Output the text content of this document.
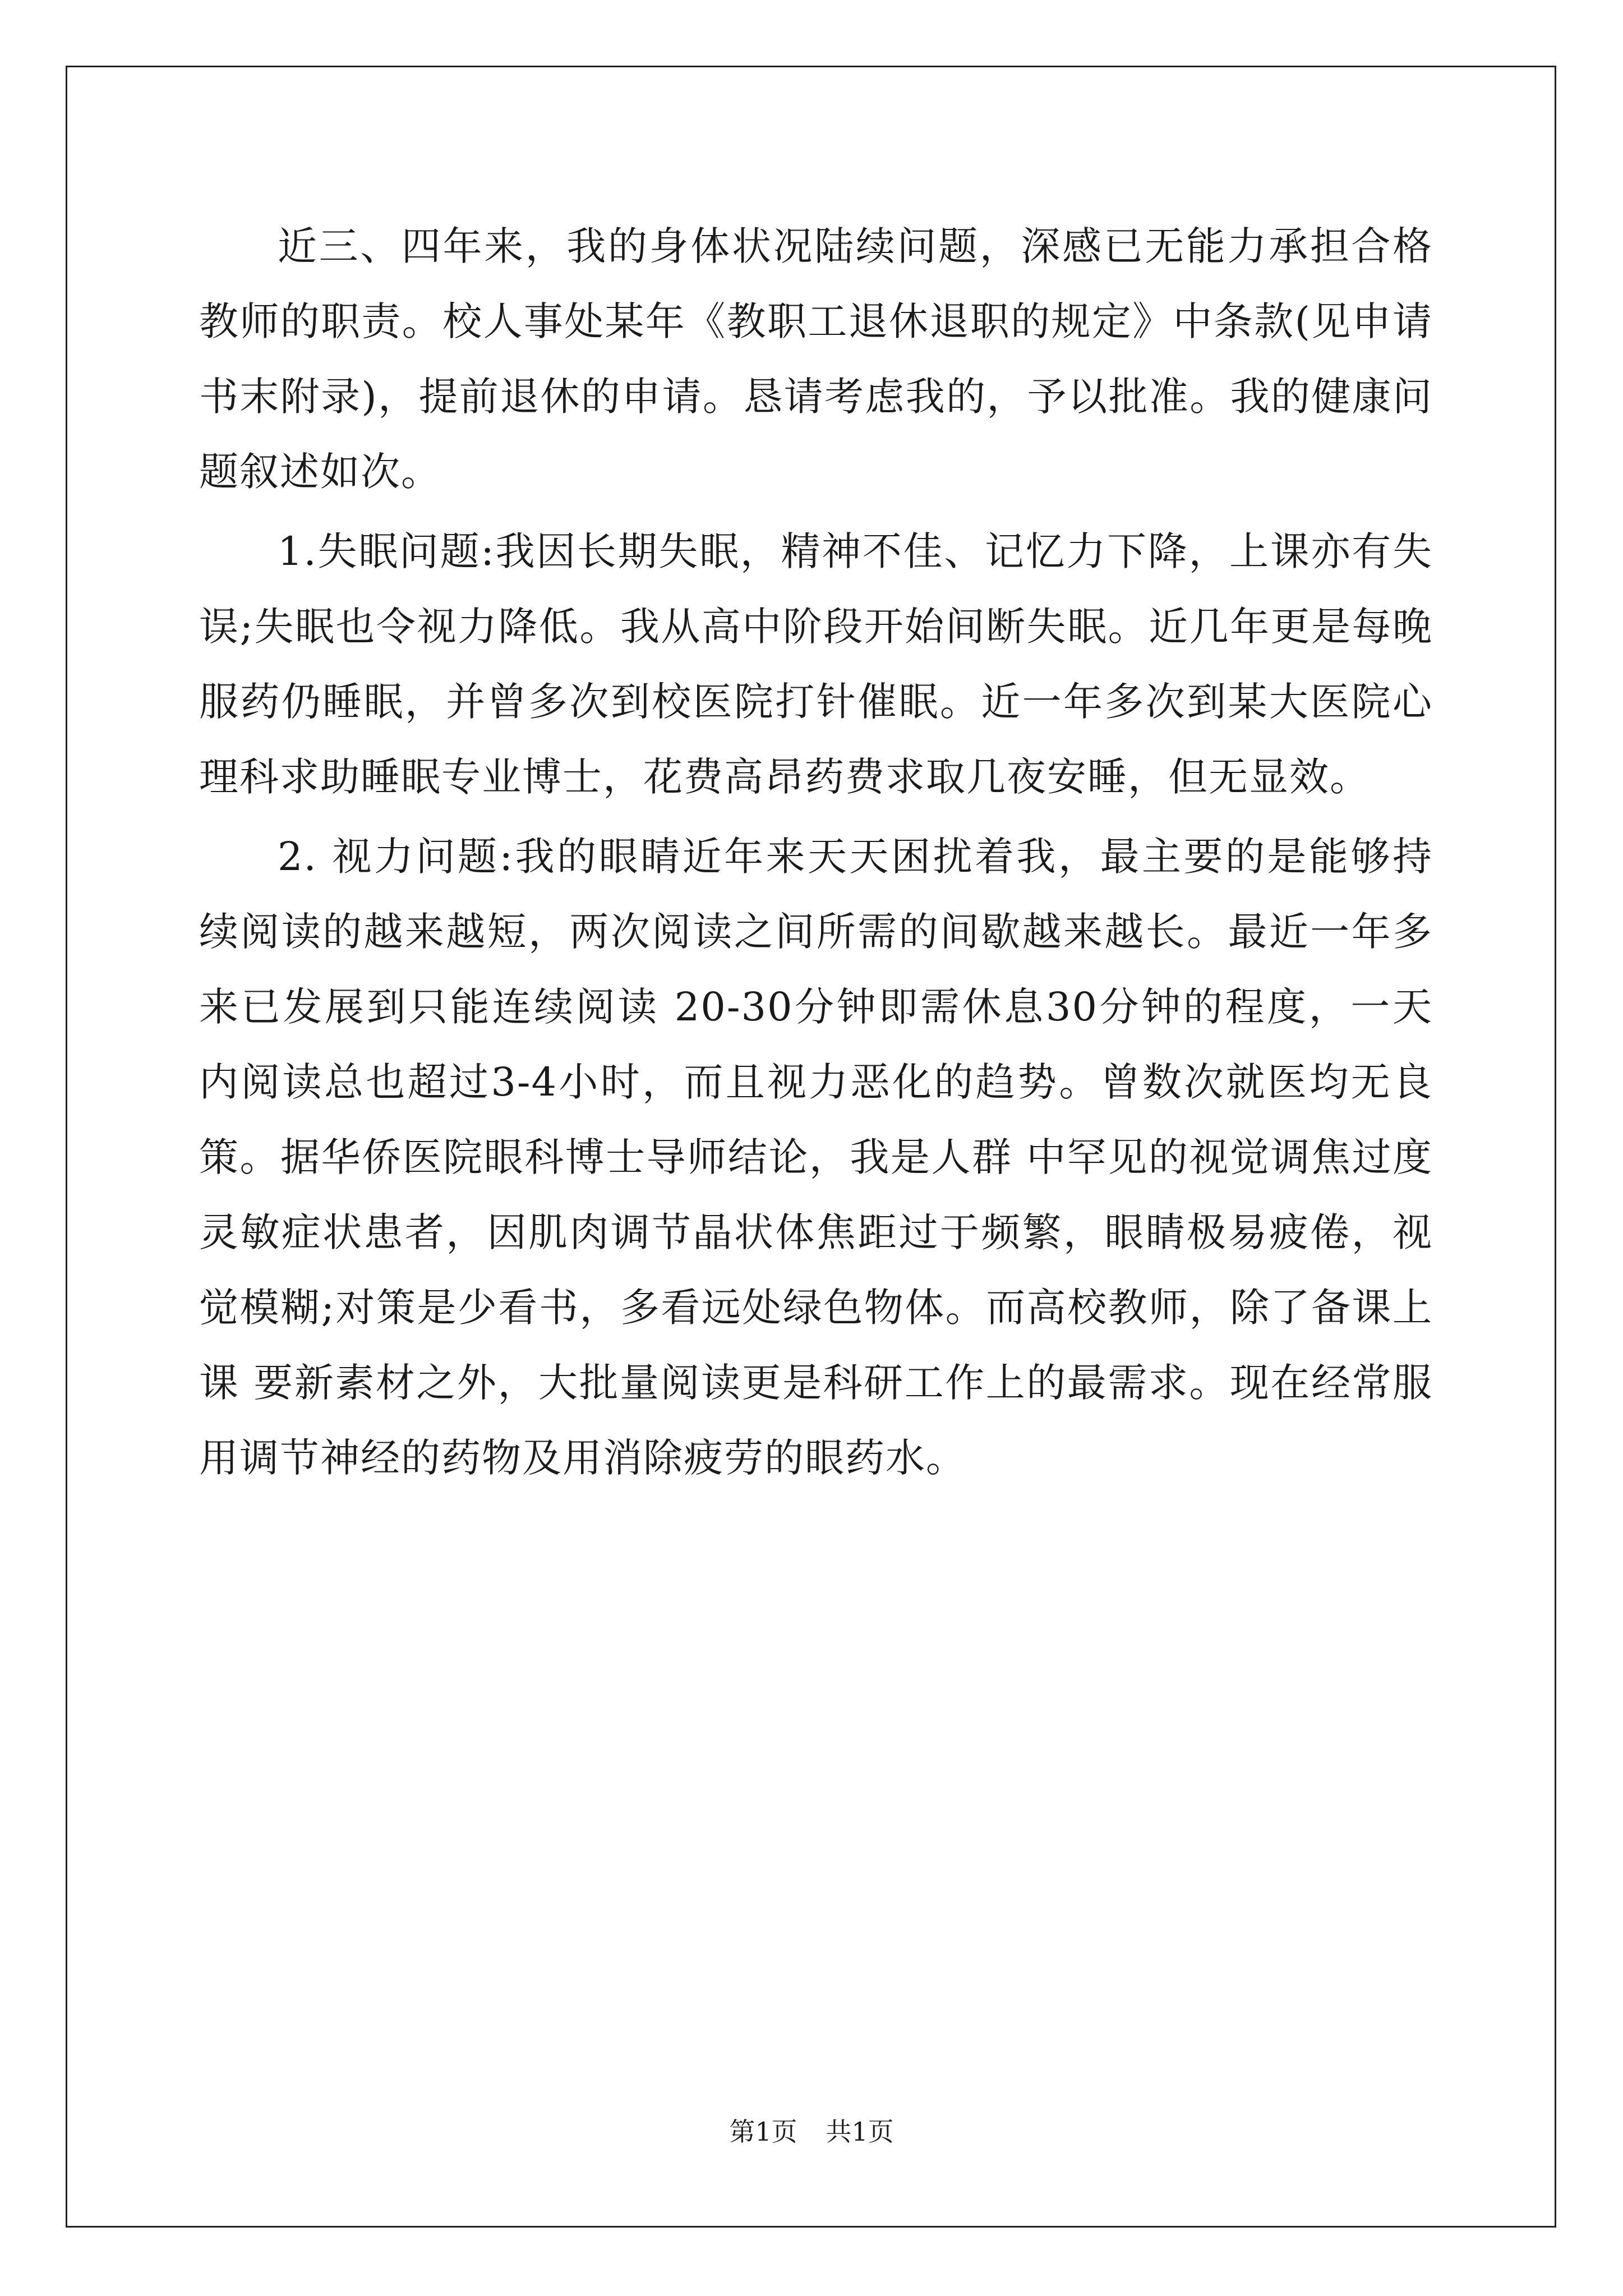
近三、四年来，我的身体状况陆续问题，深感已无能力承担合格教师的职责。校人事处某年《教职工退休退职的规定》中条款(见申请书末附录)，提前退休的申请。恳请考虑我的，予以批准。我的健康问题叙述如次。

1.失眠问题:我因长期失眠，精神不佳、记忆力下降，上课亦有失误;失眠也令视力降低。我从高中阶段开始间断失眠。近几年更是每晚服药仍睡眠，并曾多次到校医院打针催眠。近一年多次到某大医院心理科求助睡眠专业博士，花费高昂药费求取几夜安睡，但无显效。

2. 视力问题:我的眼睛近年来天天困扰着我，最主要的是能够持续阅读的越来越短，两次阅读之间所需的间歇越来越长。最近一年多来已发展到只能连续阅读 20-30分钟即需休息30分钟的程度，一天内阅读总也超过3-4小时，而且视力恶化的趋势。曾数次就医均无良策。据华侨医院眼科博士导师结论，我是人群 中罕见的视觉调焦过度灵敏症状患者，因肌肉调节晶状体焦距过于频繁，眼睛极易疲倦，视觉模糊;对策是少看书，多看远处绿色物体。而高校教师，除了备课上课 要新素材之外，大批量阅读更是科研工作上的最需求。现在经常服用调节神经的药物及用消除疲劳的眼药水。

第1页 共1页
